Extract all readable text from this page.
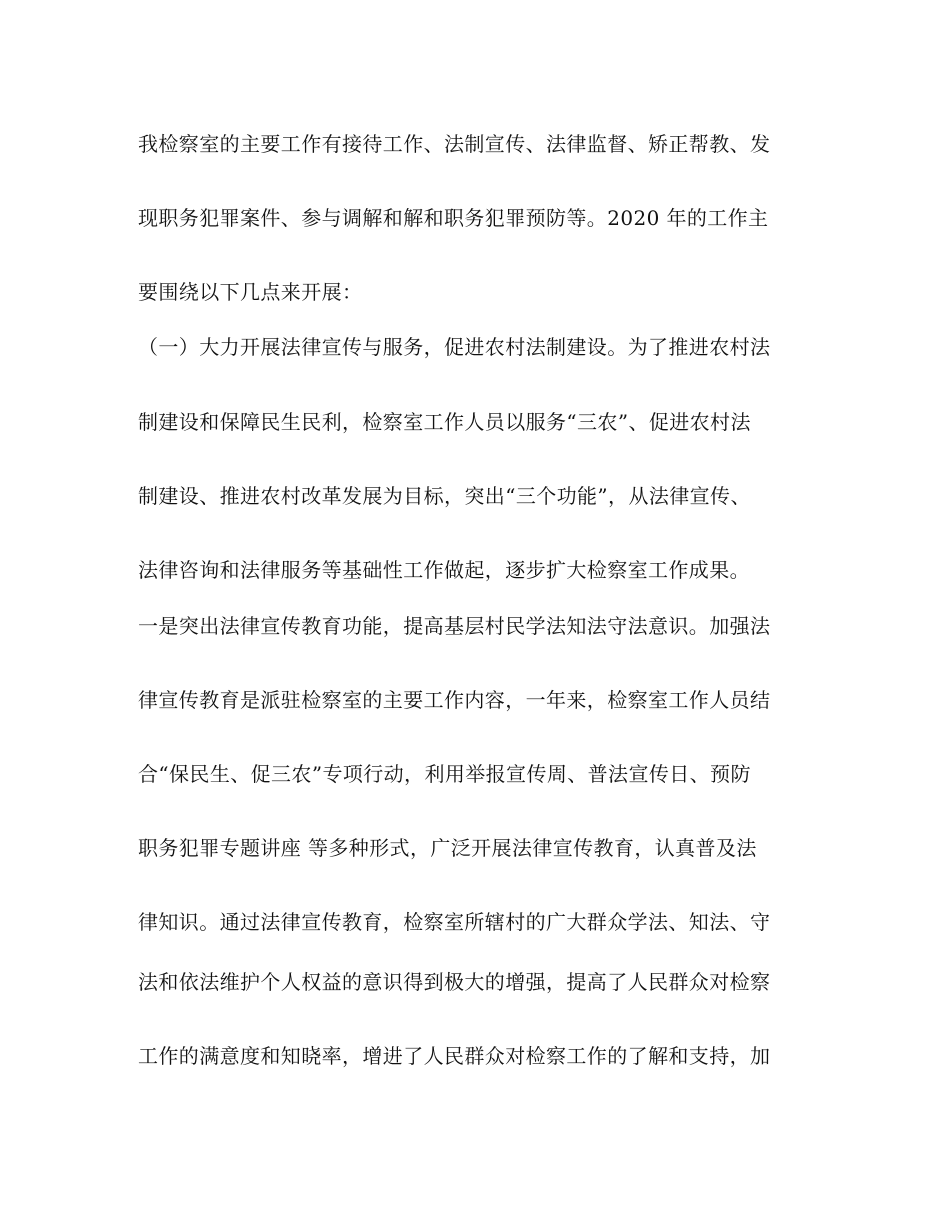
我检察室的主要工作有接待工作、法制宣传、法律监督、矫正帮教、发
现职务犯罪案件、参与调解和解和职务犯罪预防等。2020 年的工作主
要围绕以下几点来开展：
（一）大力开展法律宣传与服务，促进农村法制建设。为了推进农村法
制建设和保障民生民利，检察室工作人员以服务“三农”、促进农村法
制建设、推进农村改革发展为目标，突出“三个功能”，从法律宣传、
法律咨询和法律服务等基础性工作做起，逐步扩大检察室工作成果。
一是突出法律宣传教育功能，提高基层村民学法知法守法意识。加强法
律宣传教育是派驻检察室的主要工作内容，一年来，检察室工作人员结
合“保民生、促三农”专项行动，利用举报宣传周、普法宣传日、预防
职务犯罪专题讲座 等多种形式，广泛开展法律宣传教育，认真普及法
律知识。通过法律宣传教育，检察室所辖村的广大群众学法、知法、守
法和依法维护个人权益的意识得到极大的增强，提高了人民群众对检察
工作的满意度和知晓率，增进了人民群众对检察工作的了解和支持，加
